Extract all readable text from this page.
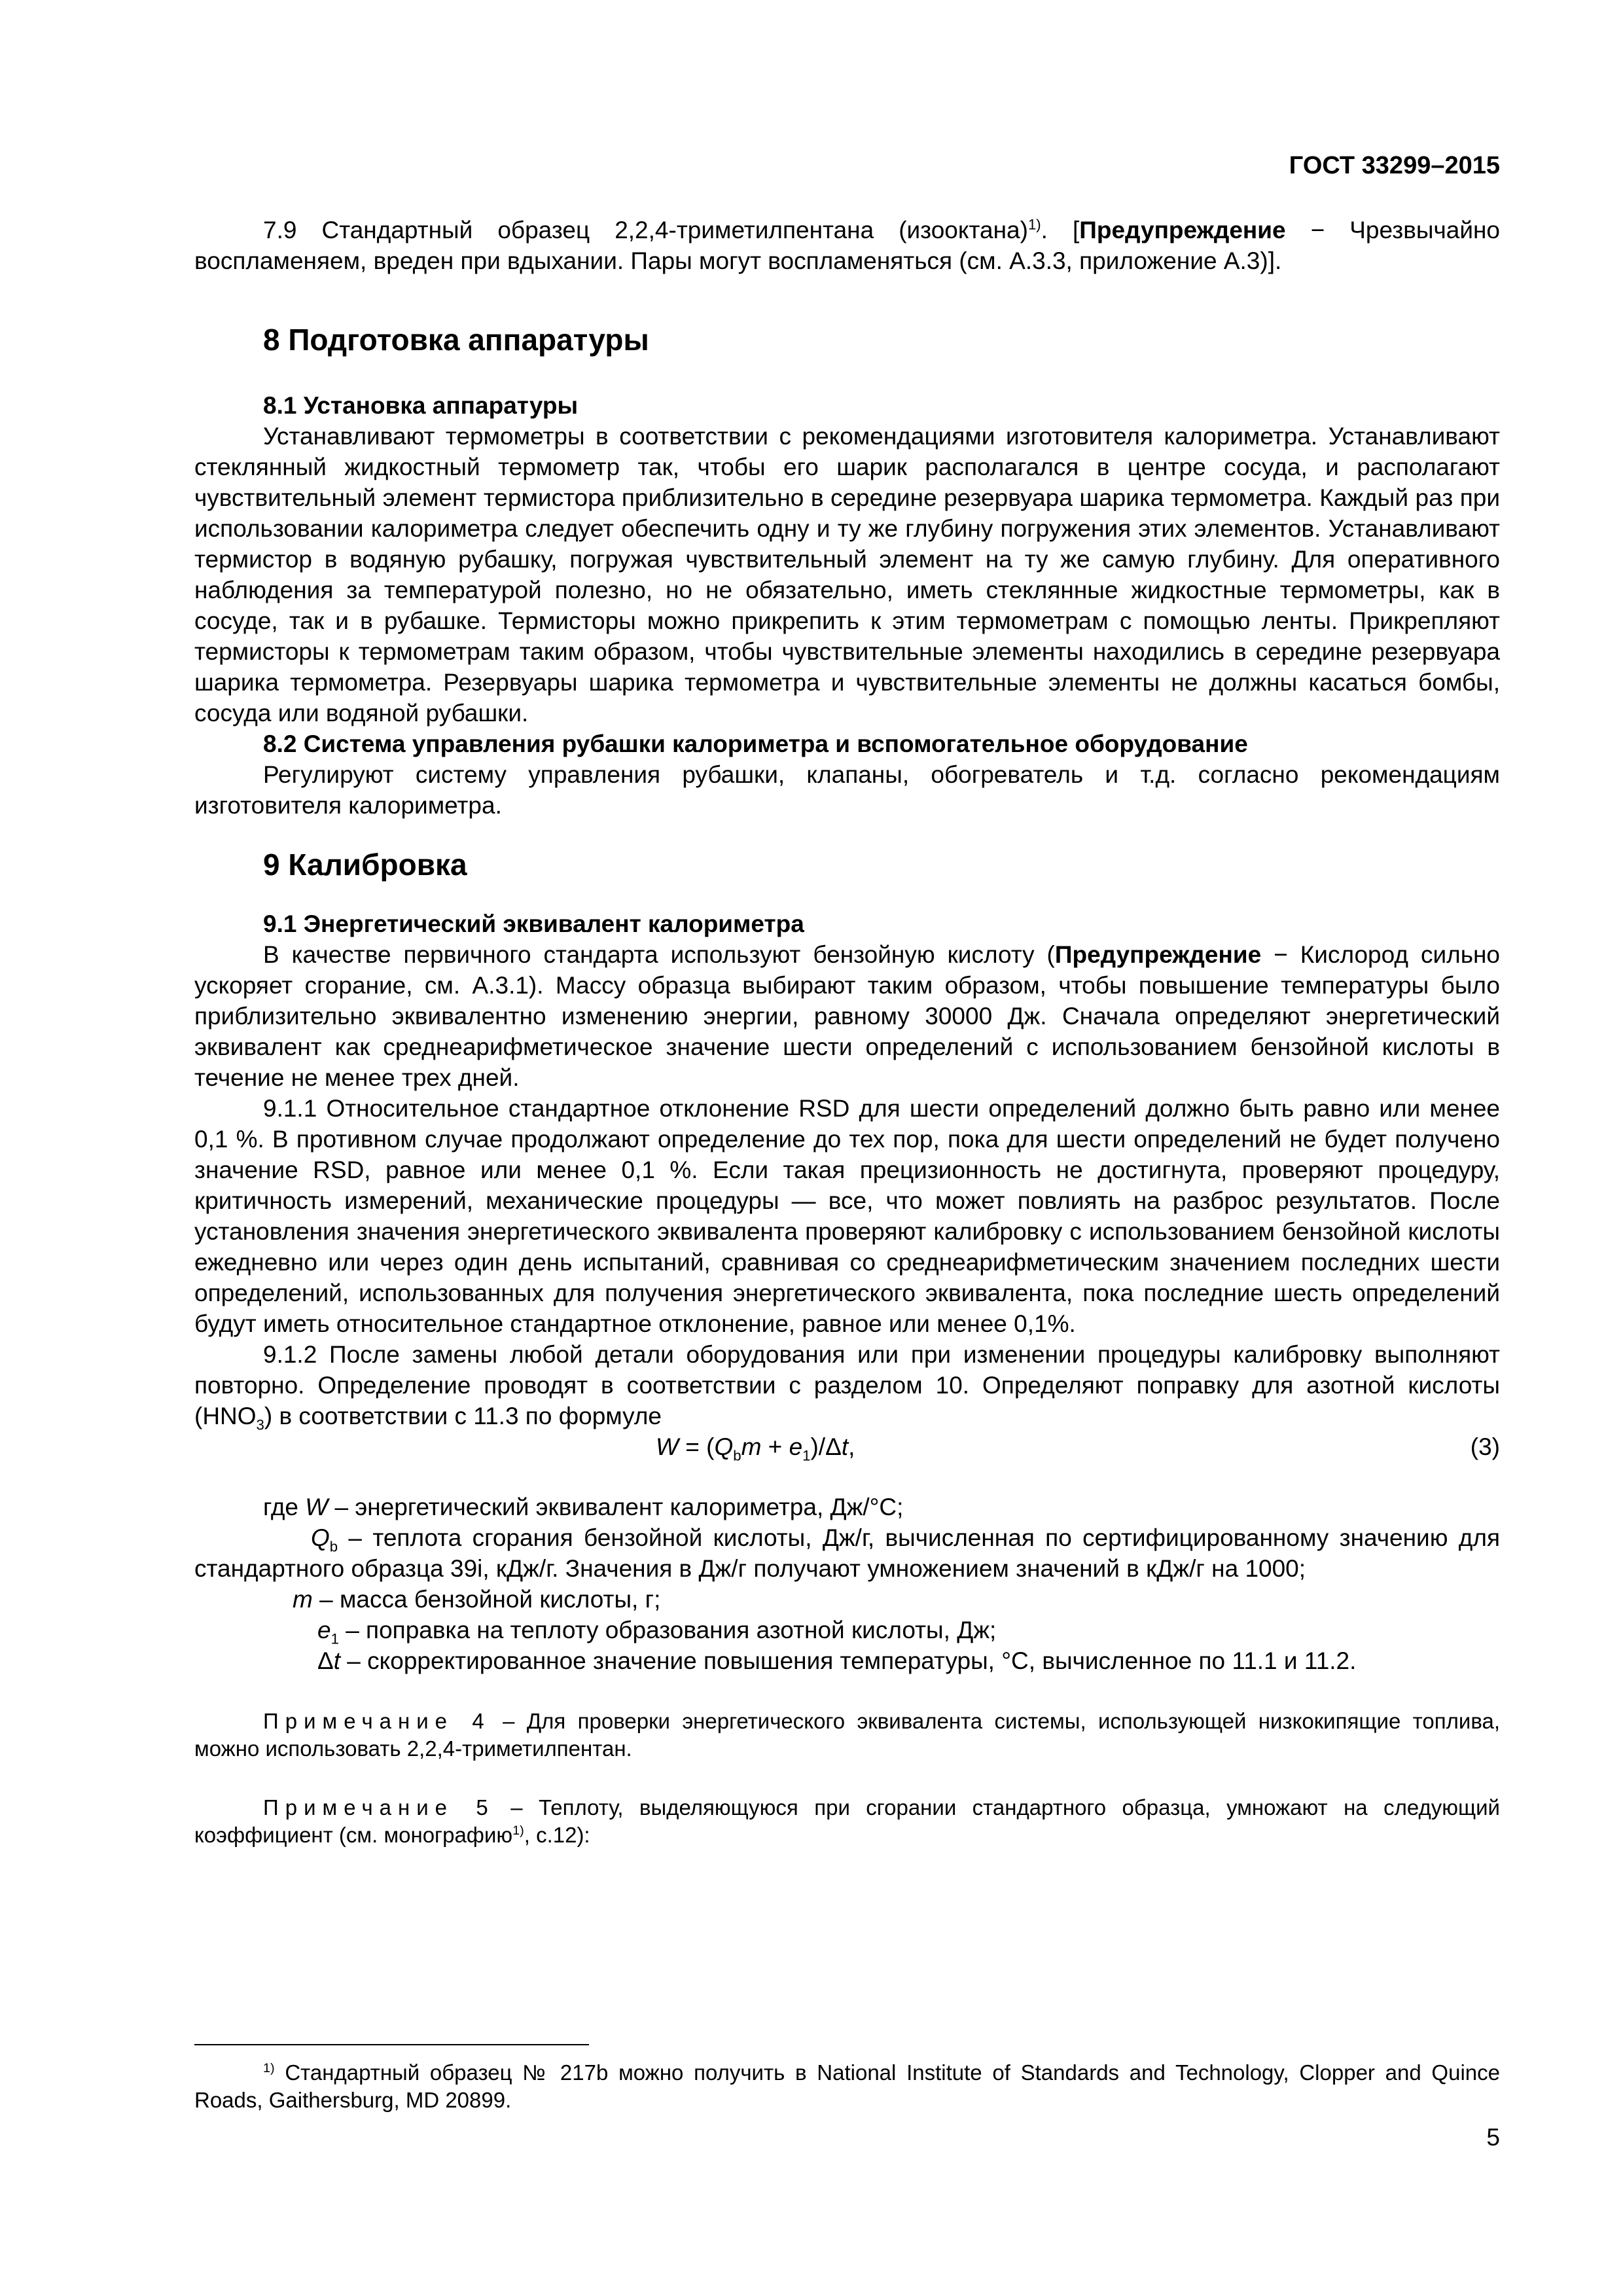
ГОСТ 33299–2015

7.9 Стандартный образец 2,2,4-триметилпентана (изооктана)$^{1)}$. [Предупреждение − Чрезвычайно воспламеняем, вреден при вдыхании. Пары могут воспламеняться (см. А.3.3, приложение А.3)].

8 Подготовка аппаратуры

8.1 Установка аппаратуры

Устанавливают термометры в соответствии с рекомендациями изготовителя калориметра. Устанавливают стеклянный жидкостный термометр так, чтобы его шарик располагался в центре сосуда, и располагают чувствительный элемент термистора приблизительно в середине резервуара шарика термометра. Каждый раз при использовании калориметра следует обеспечить одну и ту же глубину погружения этих элементов. Устанавливают термистор в водяную рубашку, погружая чувствительный элемент на ту же самую глубину. Для оперативного наблюдения за температурой полезно, но не обязательно, иметь стеклянные жидкостные термометры, как в сосуде, так и в рубашке. Термисторы можно прикрепить к этим термометрам с помощью ленты. Прикрепляют термисторы к термометрам таким образом, чтобы чувствительные элементы находились в середине резервуара шарика термометра. Резервуары шарика термометра и чувствительные элементы не должны касаться бомбы, сосуда или водяной рубашки.

8.2 Система управления рубашки калориметра и вспомогательное оборудование

Регулируют систему управления рубашки, клапаны, обогреватель и т.д. согласно рекомендациям изготовителя калориметра.

9 Калибровка

9.1 Энергетический эквивалент калориметра

В качестве первичного стандарта используют бензойную кислоту (Предупреждение − Кислород сильно ускоряет сгорание, см. А.3.1). Массу образца выбирают таким образом, чтобы повышение температуры было приблизительно эквивалентно изменению энергии, равному 30000 Дж. Сначала определяют энергетический эквивалент как среднеарифметическое значение шести определений с использованием бензойной кислоты в течение не менее трех дней.

9.1.1 Относительное стандартное отклонение RSD для шести определений должно быть равно или менее 0,1 %. В противном случае продолжают определение до тех пор, пока для шести определений не будет получено значение RSD, равное или менее 0,1 %. Если такая прецизионность не достигнута, проверяют процедуру, критичность измерений, механические процедуры — все, что может повлиять на разброс результатов. После установления значения энергетического эквивалента проверяют калибровку с использованием бензойной кислоты ежедневно или через один день испытаний, сравнивая со среднеарифметическим значением последних шести определений, использованных для получения энергетического эквивалента, пока последние шесть определений будут иметь относительное стандартное отклонение, равное или менее 0,1%.

9.1.2 После замены любой детали оборудования или при изменении процедуры калибровку выполняют повторно. Определение проводят в соответствии с разделом 10. Определяют поправку для азотной кислоты $(HNO_3)$ в соответствии с 11.3 по формуле

$W = (Q_bm + e_1)/\Delta t$,	(3)

где W – энергетический эквивалент калориметра, Дж/°С;

$Q_b$ – теплота сгорания бензойной кислоты, Дж/г, вычисленная по сертифицированному значению для стандартного образца 39i, кДж/г. Значения в Дж/г получают умножением значений в кДж/г на 1000;

m – масса бензойной кислоты, г;

$e_1$ – поправка на теплоту образования азотной кислоты, Дж;

Δt – скорректированное значение повышения температуры, °С, вычисленное по 11.1 и 11.2.

Примечание 4 – Для проверки энергетического эквивалента системы, использующей низкокипящие топлива, можно использовать 2,2,4-триметилпентан.

Примечание 5 – Теплоту, выделяющуюся при сгорании стандартного образца, умножают на следующий коэффициент (см. монографию$^{1)}$, с.12):

$^{1)}$ Стандартный образец № 217b можно получить в National Institute of Standards and Technology, Clopper and Quince Roads, Gaithersburg, MD 20899.
5
